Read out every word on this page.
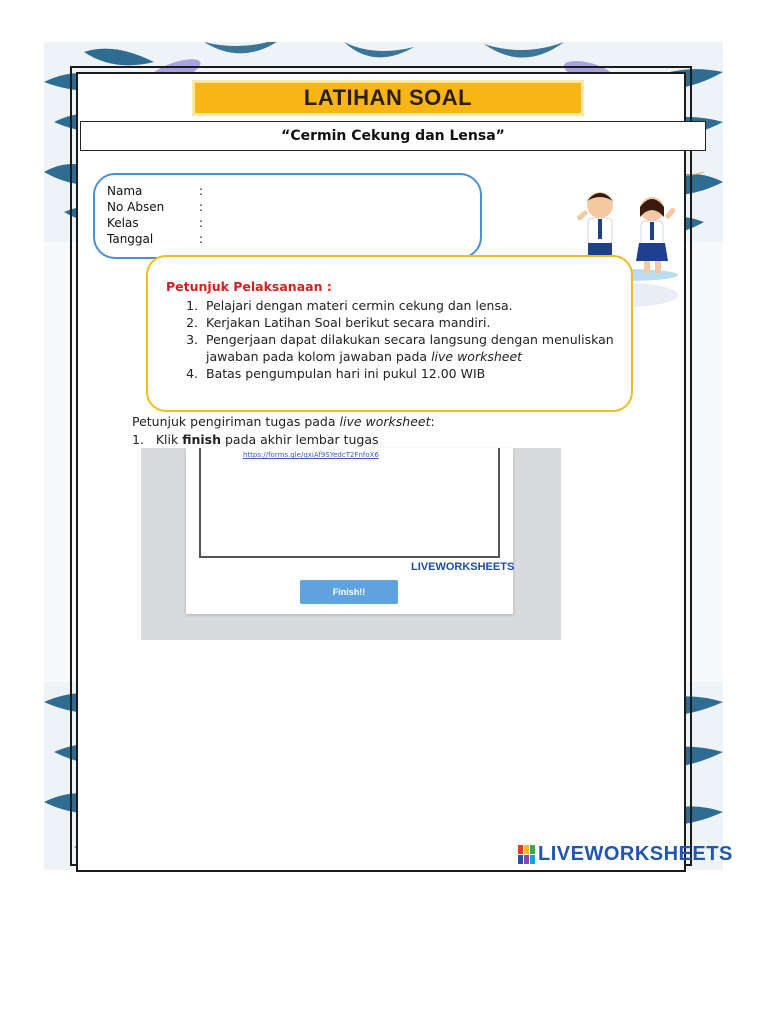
LATIHAN SOAL
“Cermin Cekung dan Lensa”
Nama	:
No Absen	:
Kelas	:
Tanggal	:
Petunjuk Pelaksanaan :
1. Pelajari dengan materi cermin cekung dan lensa.
2. Kerjakan Latihan Soal berikut secara mandiri.
3. Pengerjaan dapat dilakukan secara langsung dengan menuliskan
jawaban pada kolom jawaban pada live worksheet
4. Batas pengumpulan hari ini pukul 12.00 WIB
Petunjuk pengiriman tugas pada live worksheet:
1. Klik finish pada akhir lembar tugas
https://forms.gle/qxiAf9SYedcT2FnfoX6
LIVEWORKSHEETS
Finish!!
LIVEWORKSHEETS
